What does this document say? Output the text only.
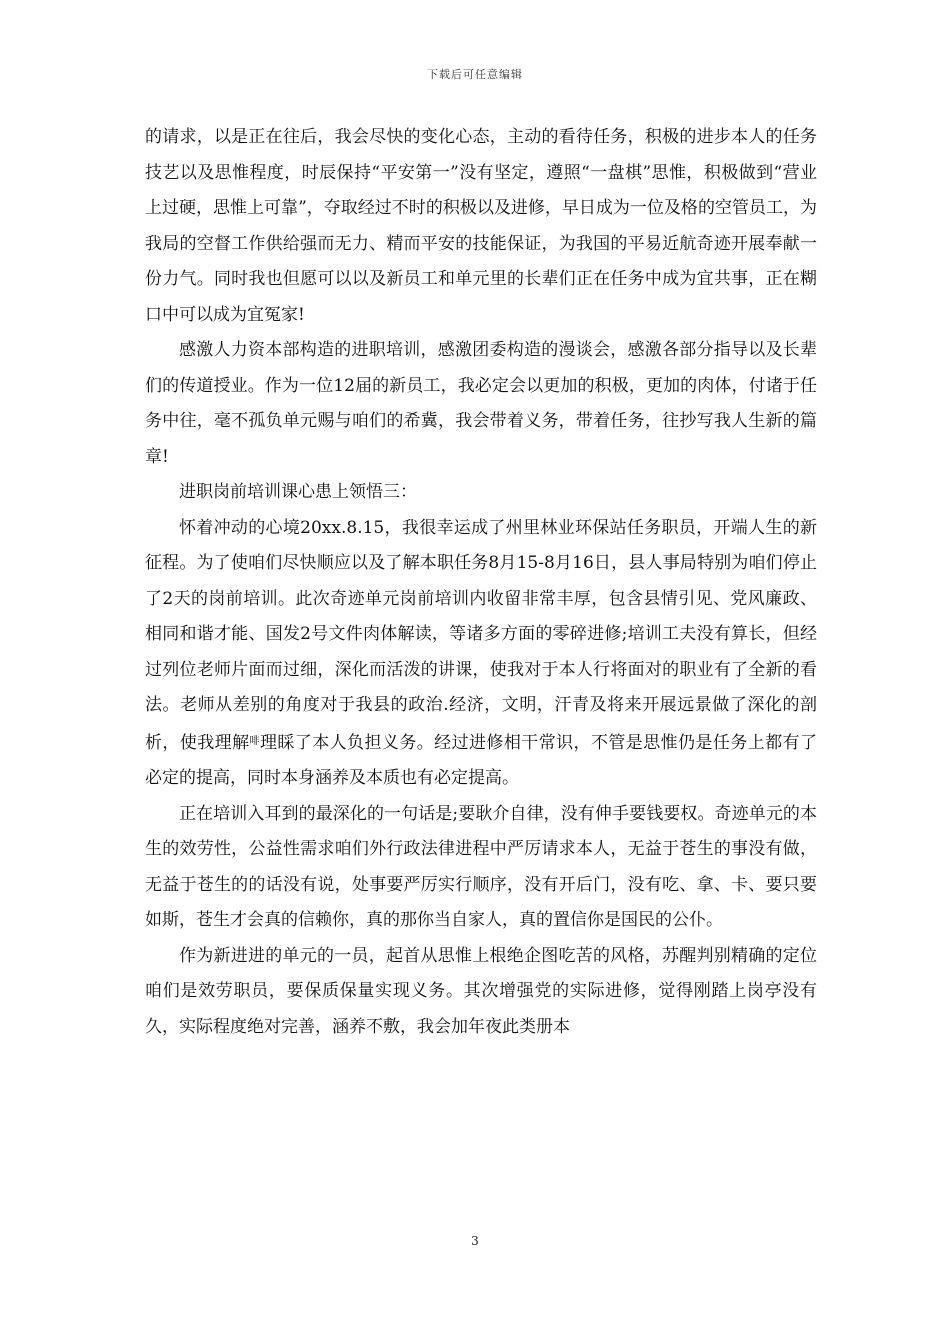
下载后可任意编辑

的请求，以是正在往后，我会尽快的变化心态，主动的看待任务，积极的进步本人的任务技艺以及思惟程度，时辰保持“平安第一”没有坚定，遵照“一盘棋”思惟，积极做到“营业上过硬，思惟上可靠”，夺取经过不时的积极以及进修，早日成为一位及格的空管员工，为我局的空督工作供给强而无力、精而平安的技能保证，为我国的平易近航奇迹开展奉献一份力气。同时我也但愿可以以及新员工和单元里的长辈们正在任务中成为宜共事，正在糊口中可以成为宜冤家!

感激人力资本部构造的进职培训，感激团委构造的漫谈会，感激各部分指导以及长辈们的传道授业。作为一位12届的新员工，我必定会以更加的积极，更加的肉体，付诸于任务中往，毫不孤负单元赐与咱们的希冀，我会带着义务，带着任务，往抄写我人生新的篇章!

进职岗前培训课心患上领悟三：

怀着冲动的心境20xx.8.15，我很幸运成了州里林业环保站任务职员，开端人生的新征程。为了使咱们尽快顺应以及了解本职任务8月15-8月16日，县人事局特别为咱们停止了2天的岗前培训。此次奇迹单元岗前培训内收留非常丰厚，包含县情引见、党风廉政、相同和谐才能、国发2号文件肉体解读，等诸多方面的零碎进修;培训工夫没有算长，但经过列位老师片面而过细，深化而活泼的讲课，使我对于本人行将面对的职业有了全新的看法。老师从差别的角度对于我县的政治.经济，文明，汗青及将来开展远景做了深化的剖析，使我理解$^啡$理睬了本人负担义务。经过进修相干常识，不管是思惟仍是任务上都有了必定的提高，同时本身涵养及本质也有必定提高。

正在培训入耳到的最深化的一句话是;要耿介自律，没有伸手要钱要权。奇迹单元的本生的效劳性，公益性需求咱们外行政法律进程中严厉请求本人，无益于苍生的事没有做，无益于苍生的的话没有说，处事要严厉实行顺序，没有开后门，没有吃、拿、卡、要只要如斯，苍生才会真的信赖你，真的那你当自家人，真的置信你是国民的公仆。

作为新进进的单元的一员，起首从思惟上根绝企图吃苦的风格，苏醒判别精确的定位咱们是效劳职员，要保质保量实现义务。其次增强党的实际进修，觉得刚踏上岗亭没有久，实际程度绝对完善，涵养不敷，我会加年夜此类册本

3
